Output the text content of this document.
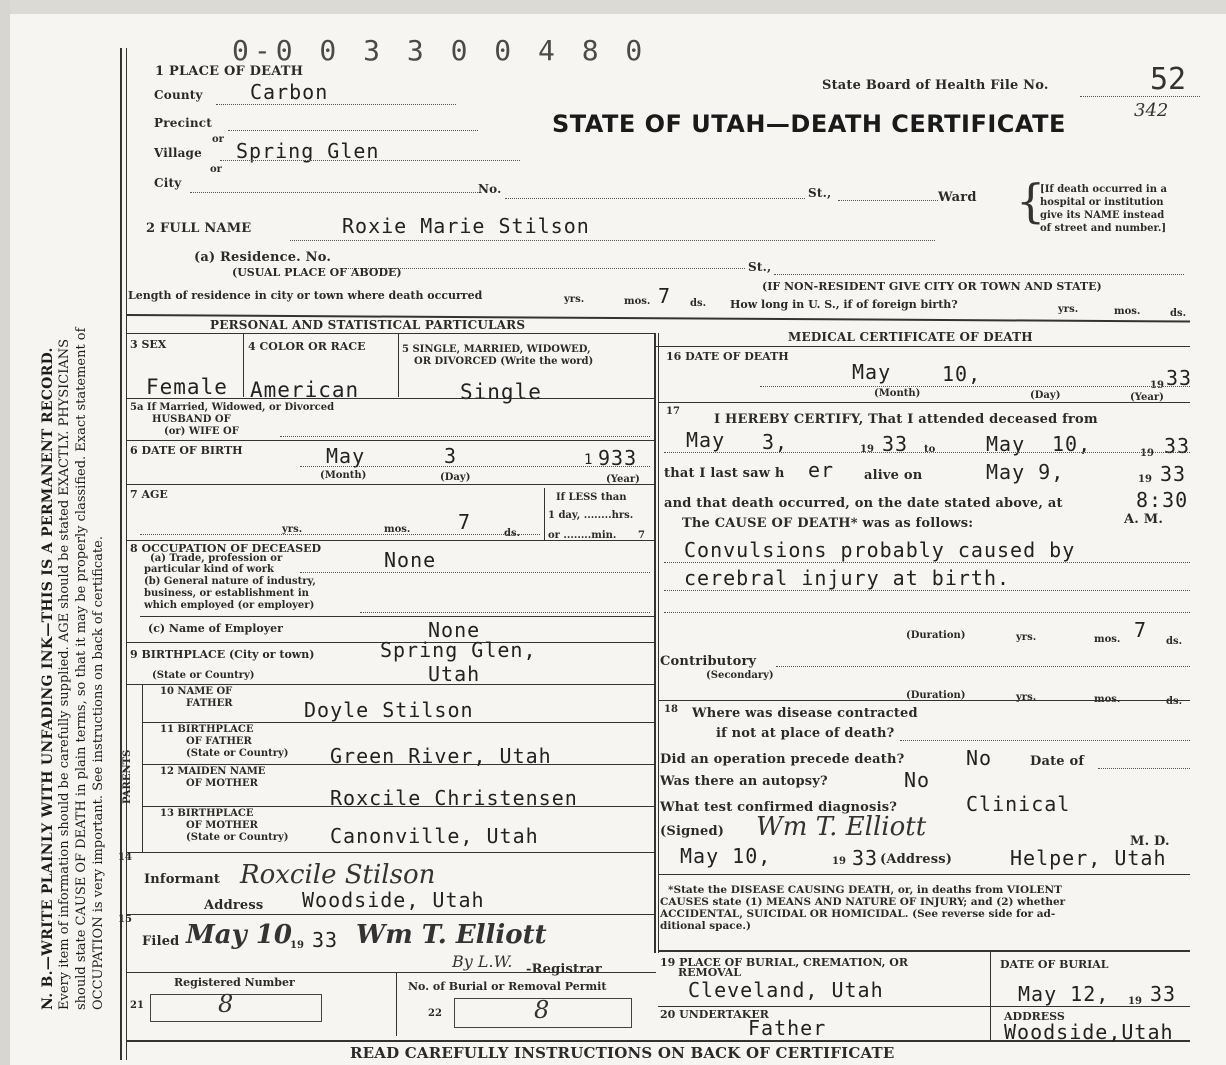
0-0 0 3 3 0 0 4 8 0
N. B.—WRITE PLAINLY WITH UNFADING INK—THIS IS A PERMANENT RECORD. Every item of information should be carefully supplied. AGE should be stated EXACTLY. PHYSICIANS should state CAUSE OF DEATH in plain terms, so that it may be properly classified. Exact statement of OCCUPATION is very important. See instructions on back of certificate.
1 PLACE OF DEATH
County Carbon
Precinct
or
Village Spring Glen
or
City	No.	St.,	Ward {
[If death occurred in a
hospital or institution
give its NAME instead
of street and number.]
State Board of Health File No.	52
342
STATE OF UTAH—DEATH CERTIFICATE
2 FULL NAME	Roxie Marie Stilson
(a) Residence. No.
St.,
(USUAL PLACE OF ABODE)
(IF NON-RESIDENT GIVE CITY OR TOWN AND STATE)
Length of residence in city or town where death occurred	yrs.	mos. 7 ds. How long in U. S., if of foreign birth?	yrs.	mos.	ds.
PERSONAL AND STATISTICAL PARTICULARS
MEDICAL CERTIFICATE OF DEATH
3 SEX	4 COLOR OR RACE	5 SINGLE, MARRIED, WIDOWED,
OR DIVORCED (Write the word)
Female American	Single
5a If Married, Widowed, or Divorced
HUSBAND OF
(or) WIFE OF
6 DATE OF BIRTH	May	3	1 933
(Month)	(Day)	(Year)
7 AGE	If LESS than
1 day, ........hrs.
or ........min. 7
yrs.	mos. 7	ds.
8 OCCUPATION OF DECEASED
(a) Trade, profession or
particular kind of work	None
(b) General nature of industry,
business, or establishment in
which employed (or employer)
(c) Name of Employer	None
9 BIRTHPLACE (City or town)	Spring Glen,
(State or Country)	Utah
PARENTS
10 NAME OF
FATHER	Doyle Stilson
11 BIRTHPLACE
OF FATHER
(State or Country) Green River, Utah
12 MAIDEN NAME
OF MOTHER
Roxcile Christensen
13 BIRTHPLACE
OF MOTHER
(State or Country) Canonville, Utah
14
Informant Roxcile Stilson
Address Woodside, Utah
15
Filed May 10
19 33 Wm T. Elliott
By L.W. -Registrar
Registered Number	No. of Burial or Removal Permit
21	8	22	8
16 DATE OF DEATH
May	10,	19 33
(Month)	(Day)	(Year)
17
I HEREBY CERTIFY, That I attended deceased from
May 3,	19 33 to	May 10,	19 33
that I last saw h er alive on	May 9,	19 33
and that death occurred, on the date stated above, at	8:30
A. M.
The CAUSE OF DEATH* was as follows:
Convulsions probably caused by
cerebral injury at birth.
(Duration)	yrs.	mos. 7 ds.
Contributory
(Secondary)
(Duration)	yrs.	mos.	ds.
18 Where was disease contracted
if not at place of death?
Did an operation precede death?	No	Date of
Was there an autopsy?	No
What test confirmed diagnosis?	Clinical
(Signed) Wm T. Elliott	M. D.
May 10,	19 33 (Address)	Helper, Utah
*State the DISEASE CAUSING DEATH, or, in deaths from VIOLENT
CAUSES state (1) MEANS AND NATURE OF INJURY; and (2) whether
ACCIDENTAL, SUICIDAL OR HOMICIDAL. (See reverse side for ad-
ditional space.)
19 PLACE OF BURIAL, CREMATION, OR
REMOVAL
Cleveland, Utah
DATE OF BURIAL
May 12, 19 33
20 UNDERTAKER
Father	ADDRESS
Woodside,Utah
READ CAREFULLY INSTRUCTIONS ON BACK OF CERTIFICATE
